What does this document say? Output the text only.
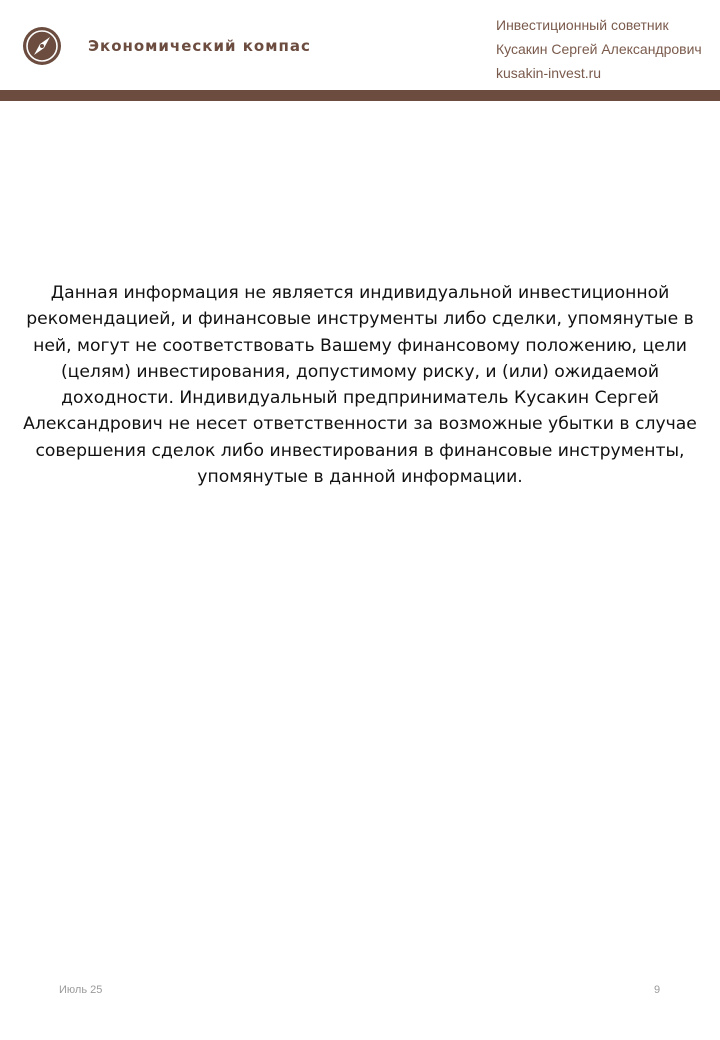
Экономический компас
Инвестиционный советник
Кусакин Сергей Александрович
kusakin-invest.ru
Данная информация не является индивидуальной инвестиционной рекомендацией, и финансовые инструменты либо сделки, упомянутые в ней, могут не соответствовать Вашему финансовому положению, цели (целям) инвестирования, допустимому риску, и (или) ожидаемой доходности. Индивидуальный предприниматель Кусакин Сергей Александрович не несет ответственности за возможные убытки в случае совершения сделок либо инвестирования в финансовые инструменты, упомянутые в данной информации.
Июль 25	9
